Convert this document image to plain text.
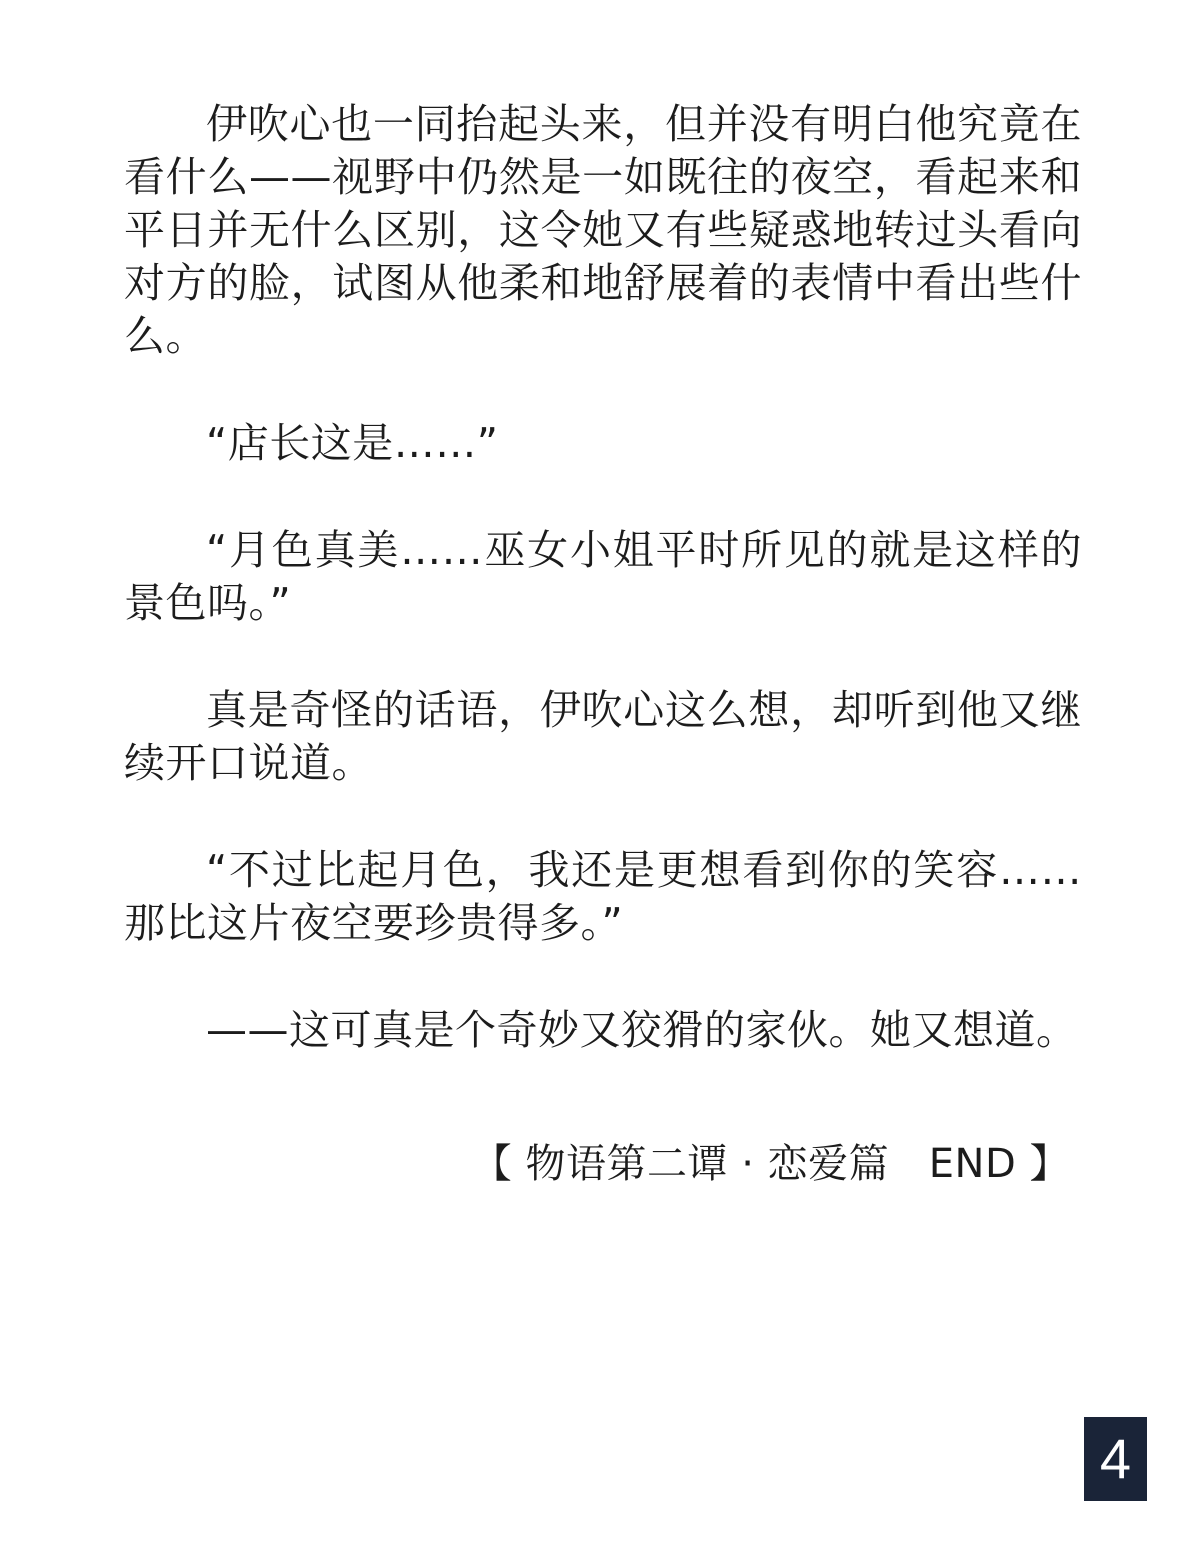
伊吹心也一同抬起头来，但并没有明白他究竟在看什么——视野中仍然是一如既往的夜空，看起来和平日并无什么区别，这令她又有些疑惑地转过头看向对方的脸，试图从他柔和地舒展着的表情中看出些什么。

“店长这是……”

“月色真美……巫女小姐平时所见的就是这样的景色吗。”

真是奇怪的话语，伊吹心这么想，却听到他又继续开口说道。

“不过比起月色，我还是更想看到你的笑容……那比这片夜空要珍贵得多。”

——这可真是个奇妙又狡猾的家伙。她又想道。

【 物语第二谭 · 恋爱篇   END 】
4
